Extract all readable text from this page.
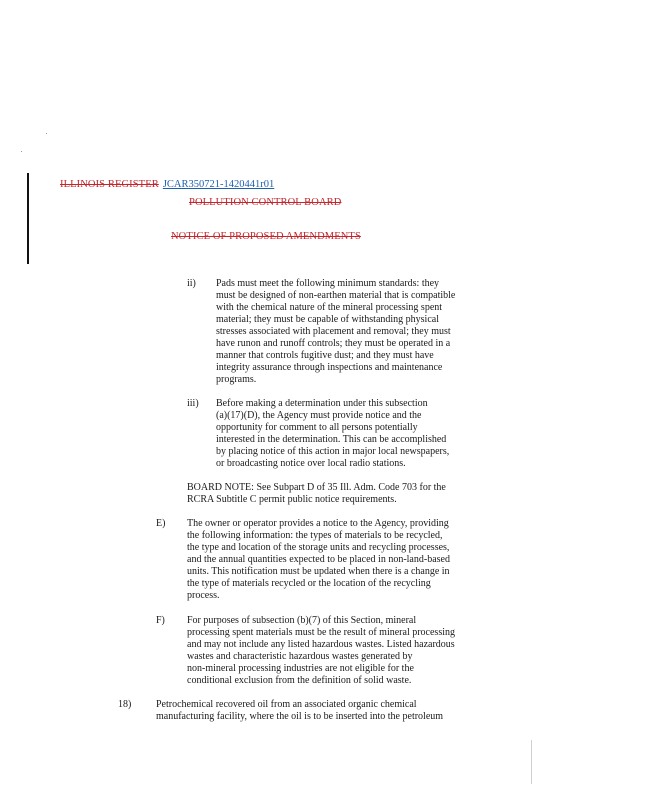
ILLINOIS REGISTER JCAR350721-1420441r01
POLLUTION CONTROL BOARD
NOTICE OF PROPOSED AMENDMENTS
ii) Pads must meet the following minimum standards: they

must be designed of non-earthen material that is compatible

with the chemical nature of the mineral processing spent

material; they must be capable of withstanding physical

stresses associated with placement and removal; they must

have runon and runoff controls; they must be operated in a

manner that controls fugitive dust; and they must have

integrity assurance through inspections and maintenance

programs.

iii) Before making a determination under this subsection

(a)(17)(D), the Agency must provide notice and the

opportunity for comment to all persons potentially

interested in the determination. This can be accomplished

by placing notice of this action in major local newspapers,

or broadcasting notice over local radio stations.

BOARD NOTE: See Subpart D of 35 Ill. Adm. Code 703 for the

RCRA Subtitle C permit public notice requirements.

E) The owner or operator provides a notice to the Agency, providing

the following information: the types of materials to be recycled,

the type and location of the storage units and recycling processes,

and the annual quantities expected to be placed in non-land-based

units. This notification must be updated when there is a change in

the type of materials recycled or the location of the recycling

process.

F) For purposes of subsection (b)(7) of this Section, mineral

processing spent materials must be the result of mineral processing

and may not include any listed hazardous wastes. Listed hazardous

wastes and characteristic hazardous wastes generated by

non-mineral processing industries are not eligible for the

conditional exclusion from the definition of solid waste.

18) Petrochemical recovered oil from an associated organic chemical

manufacturing facility, where the oil is to be inserted into the petroleum
